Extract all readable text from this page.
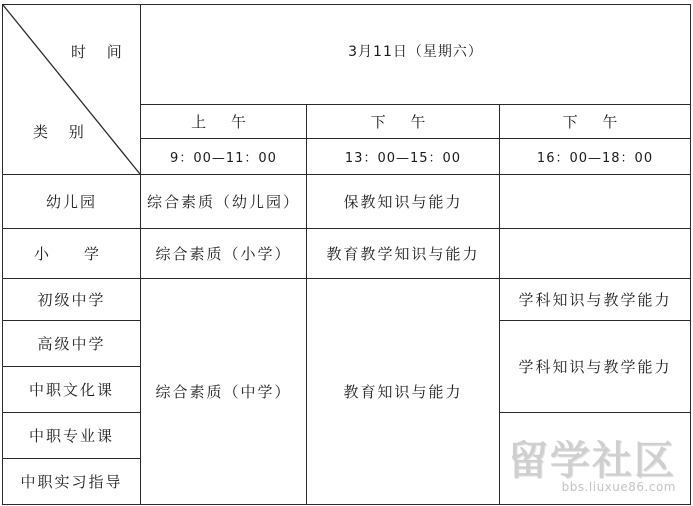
时 间
类 别	3月11日（星期六）		
	上 午	下 午	下 午
	9：00—11：00	13：00—15：00	16：00—18：00
幼儿园	综合素质（幼儿园）	保教知识与能力	
小　学	综合素质（小学）	教育教学知识与能力	
初级中学	综合素质（中学）	教育知识与能力	学科知识与教学能力
高级中学			学科知识与教学能力
中职文化课			
中职专业课			
中职实习指导				留学社区
bbs.liuxue86.com
